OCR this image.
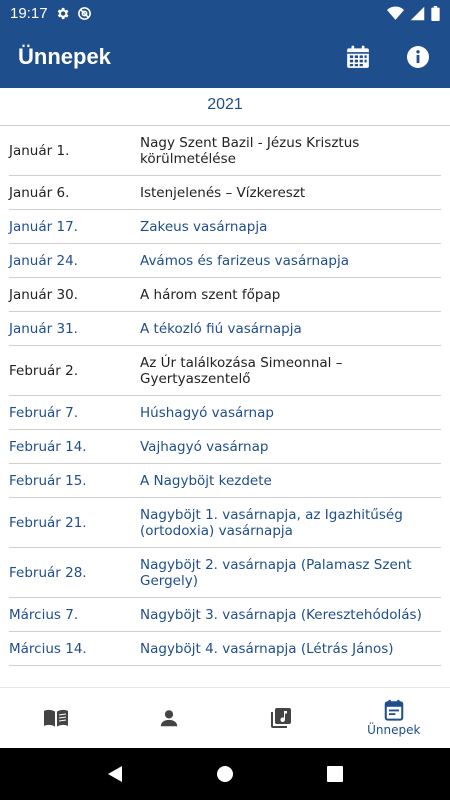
19:17
Ünnepek
2021
Január 1.	Nagy Szent Bazil - Jézus Krisztus körülmetélése
Január 6.	Istenjelenés – Vízkereszt
Január 17.	Zakeus vasárnapja
Január 24.	Avámos és farizeus vasárnapja
Január 30.	A három szent főpap
Január 31.	A tékozló fiú vasárnapja
Február 2.	Az Úr találkozása Simeonnal – Gyertyaszentelő
Február 7.	Húshagyó vasárnap
Február 14.	Vajhagyó vasárnap
Február 15.	A Nagyböjt kezdete
Február 21.	Nagyböjt 1. vasárnapja, az Igazhitűség (ortodoxia) vasárnapja
Február 28.	Nagyböjt 2. vasárnapja (Palamasz Szent Gergely)
Március 7.	Nagyböjt 3. vasárnapja (Keresztehódolás)
Március 14.	Nagyböjt 4. vasárnapja (Létrás János)
Ünnepek
